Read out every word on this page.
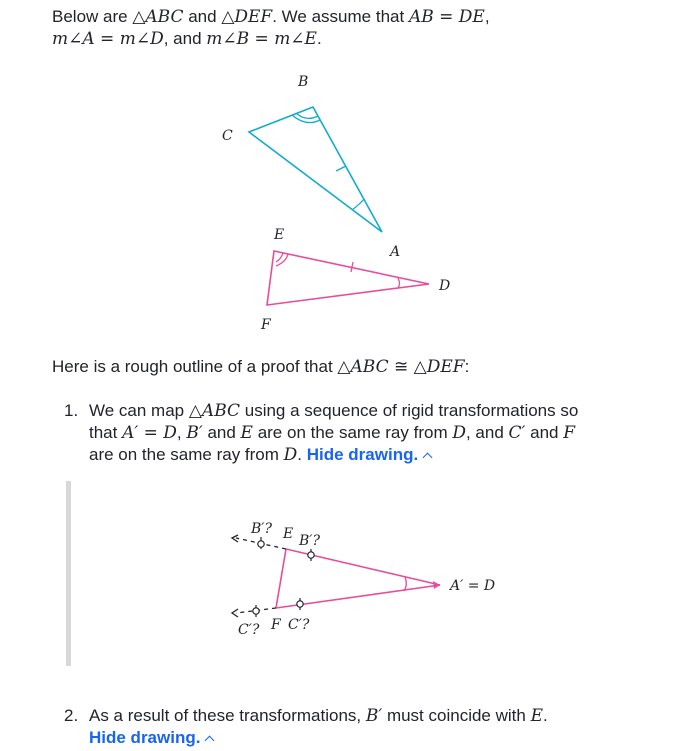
Below are △ABC and △DEF. We assume that AB = DE,
m∠A = m∠D, and m∠B = m∠E.
B
C
E
A
D
F
Here is a rough outline of a proof that △ABC ≅ △DEF:
1. We can map △ABC using a sequence of rigid transformations so
that A′ = D, B′ and E are on the same ray from D, and C′ and F
are on the same ray from D. Hide drawing.
B′? E B′?
A′ = D
C′? F C′?
2. As a result of these transformations, B′ must coincide with E.
Hide drawing.
